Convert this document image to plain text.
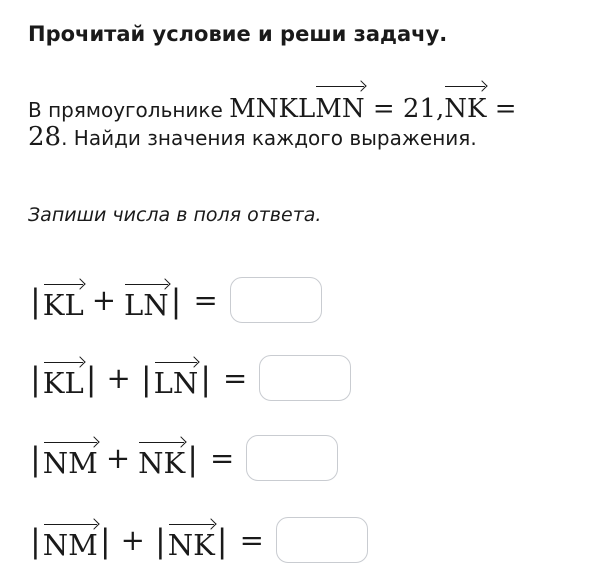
Прочитай условие и реши задачу.
В прямоугольнике MNKLMN = 21,NK =
28. Найди значения каждого выражения.
Запиши числа в поля ответа.
| KL + LN | =
| KL | + | LN | =
| NM + NK | =
| NM | + | NK | =
